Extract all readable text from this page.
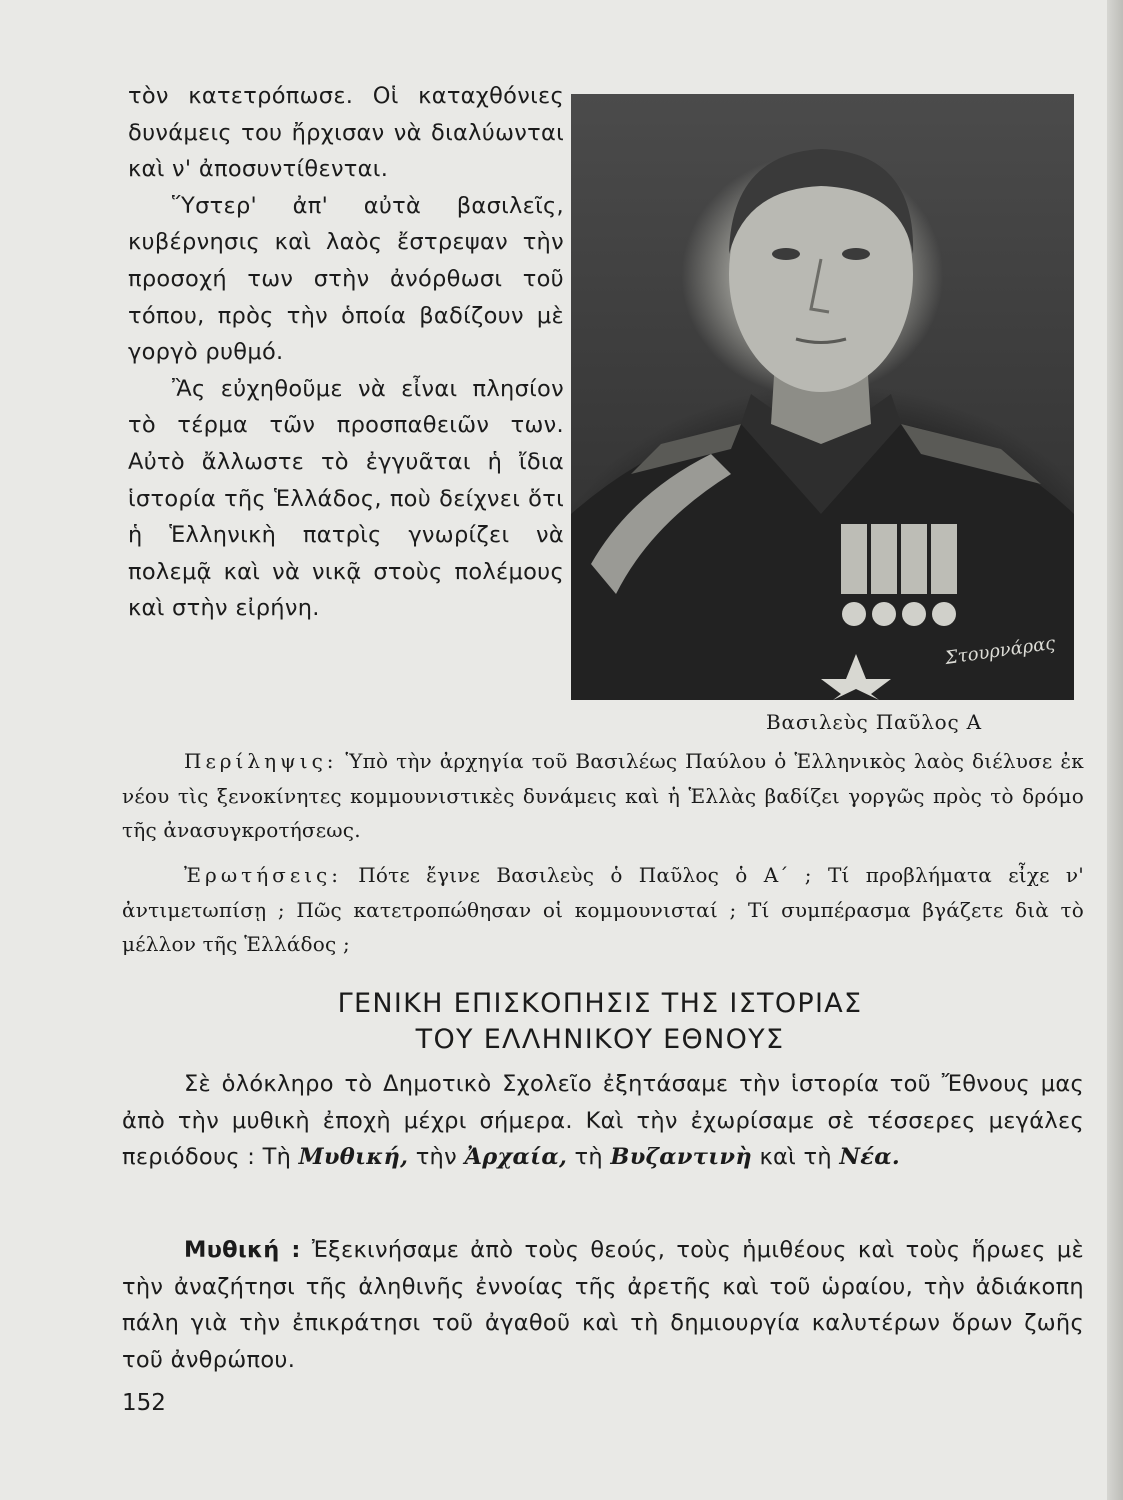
τὸν κατετρόπωσε. Οἱ καταχθόνιες δυνάμεις του ἤρχισαν νὰ διαλύωνται καὶ ν' ἀποσυντίθενται.

Ὕστερ' ἀπ' αὐτὰ βασιλεῖς, κυβέρνησις καὶ λαὸς ἔστρεψαν τὴν προσοχή των στὴν ἀνόρθωσι τοῦ τόπου, πρὸς τὴν ὁποία βαδίζουν μὲ γοργὸ ρυθμό.

Ἂς εὐχηθοῦμε νὰ εἶναι πλησίον τὸ τέρμα τῶν προσπαθειῶν των. Αὐτὸ ἄλλωστε τὸ ἐγγυᾶται ἡ ἴδια ἱστορία τῆς Ἑλλάδος, ποὺ δείχνει ὅτι ἡ Ἑλληνικὴ πατρὶς γνωρίζει νὰ πολεμᾷ καὶ νὰ νικᾷ στοὺς πολέμους καὶ στὴν εἰρήνη.

Στουρνάρας
Βασιλεὺς Παῦλος Α

Περίληψις: Ὑπὸ τὴν ἀρχηγία τοῦ Βασιλέως Παύλου ὁ Ἑλληνικὸς λαὸς διέλυσε ἐκ νέου τὶς ξενοκίνητες κομμουνιστικὲς δυνάμεις καὶ ἡ Ἑλλὰς βαδίζει γοργῶς πρὸς τὸ δρόμο τῆς ἀνασυγκροτήσεως.

Ἐρωτήσεις: Πότε ἔγινε Βασιλεὺς ὁ Παῦλος ὁ Α΄ ; Τί προβλήματα εἶχε ν' ἀντιμετωπίσῃ ; Πῶς κατετροπώθησαν οἱ κομμουνισταί ; Τί συμπέρασμα βγάζετε διὰ τὸ μέλλον τῆς Ἑλλάδος ;

ΓΕΝΙΚΗ ΕΠΙΣΚΟΠΗΣΙΣ ΤΗΣ ΙΣΤΟΡΙΑΣ
ΤΟΥ ΕΛΛΗΝΙΚΟΥ ΕΘΝΟΥΣ

Σὲ ὁλόκληρο τὸ Δημοτικὸ Σχολεῖο ἐξητάσαμε τὴν ἱστορία τοῦ Ἔθνους μας ἀπὸ τὴν μυθικὴ ἐποχὴ μέχρι σήμερα. Καὶ τὴν ἐχωρίσαμε σὲ τέσσερες μεγάλες περιόδους : Τὴ Μυθική, τὴν Ἀρχαία, τὴ Βυζαντινὴ καὶ τὴ Νέα.

Μυθική : Ἐξεκινήσαμε ἀπὸ τοὺς θεούς, τοὺς ἡμιθέους καὶ τοὺς ἥρωες μὲ τὴν ἀναζήτησι τῆς ἀληθινῆς ἐννοίας τῆς ἀρετῆς καὶ τοῦ ὡραίου, τὴν ἀδιάκοπη πάλη γιὰ τὴν ἐπικράτησι τοῦ ἀγαθοῦ καὶ τὴ δημιουργία καλυτέρων ὅρων ζωῆς τοῦ ἀνθρώπου.

152
